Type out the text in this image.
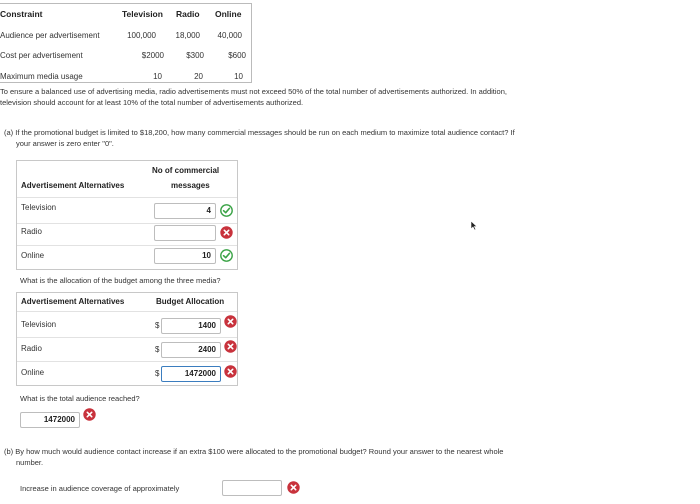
Constraint	Television Radio Online
Audience per advertisement	100,000	18,000	40,000
Cost per advertisement	$2000	$300	$600
Maximum media usage	10	20	10
To ensure a balanced use of advertising media, radio advertisements must not exceed 50% of the total number of advertisements authorized. In addition,
television should account for at least 10% of the total number of advertisements authorized.
(a) If the promotional budget is limited to $18,200, how many commercial messages should be run on each medium to maximize total audience contact? If
your answer is zero enter "0".
Advertisement Alternatives
No of commercial
messages
Television	4
Radio
Online	10
What is the allocation of the budget among the three media?
Advertisement Alternatives	Budget Allocation
Television	$	1400
Radio	$	2400
Online	$	1472000
What is the total audience reached?
1472000
(b) By how much would audience contact increase if an extra $100 were allocated to the promotional budget? Round your answer to the nearest whole
number.
Increase in audience coverage of approximately
